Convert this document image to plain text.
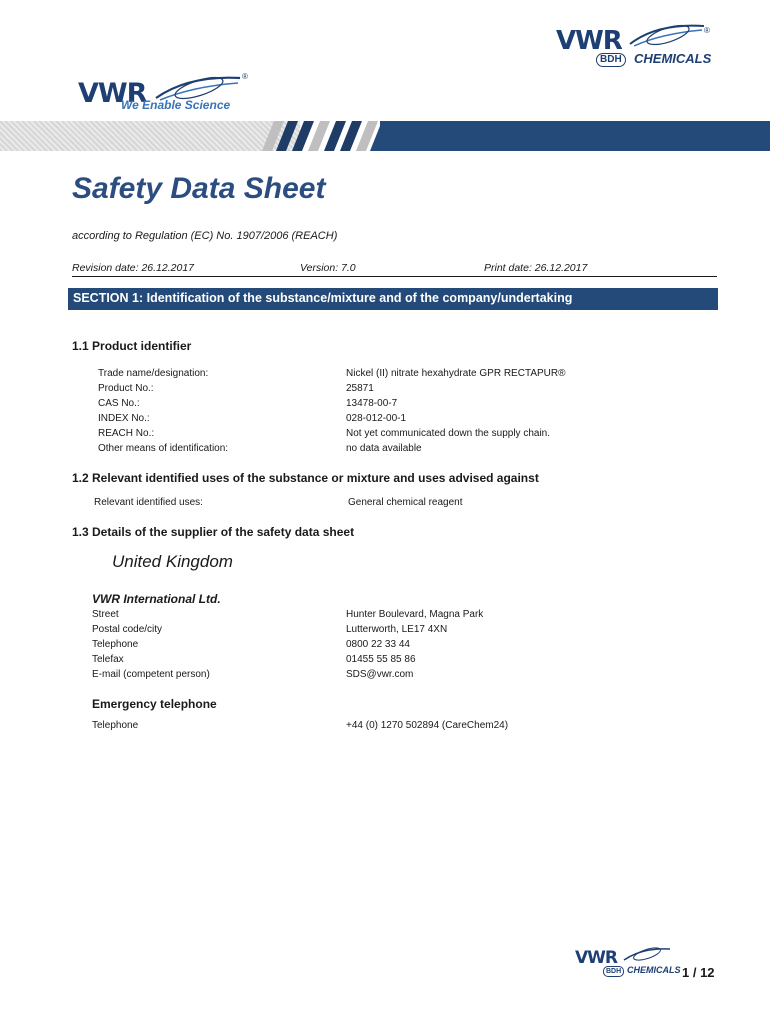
VWR	®
BDH CHEMICALS
VWR
®
We Enable Science
Safety Data Sheet
according to Regulation (EC) No. 1907/2006 (REACH)
Revision date: 26.12.2017	Version: 7.0	Print date: 26.12.2017
SECTION 1: Identification of the substance/mixture and of the company/undertaking
1.1 Product identifier
Trade name/designation:	Nickel (II) nitrate hexahydrate GPR RECTAPUR®
Product No.:	25871
CAS No.:	13478-00-7
INDEX No.:	028-012-00-1
REACH No.:	Not yet communicated down the supply chain.
Other means of identification:	no data available
1.2 Relevant identified uses of the substance or mixture and uses advised against
Relevant identified uses:	General chemical reagent
1.3 Details of the supplier of the safety data sheet
United Kingdom
VWR International Ltd.
Street	Hunter Boulevard, Magna Park
Postal code/city	Lutterworth, LE17 4XN
Telephone	0800 22 33 44
Telefax	01455 55 85 86
E-mail (competent person)	SDS@vwr.com
Emergency telephone
Telephone	+44 (0) 1270 502894 (CareChem24)
VWR
BDH CHEMICALS 1 / 12
